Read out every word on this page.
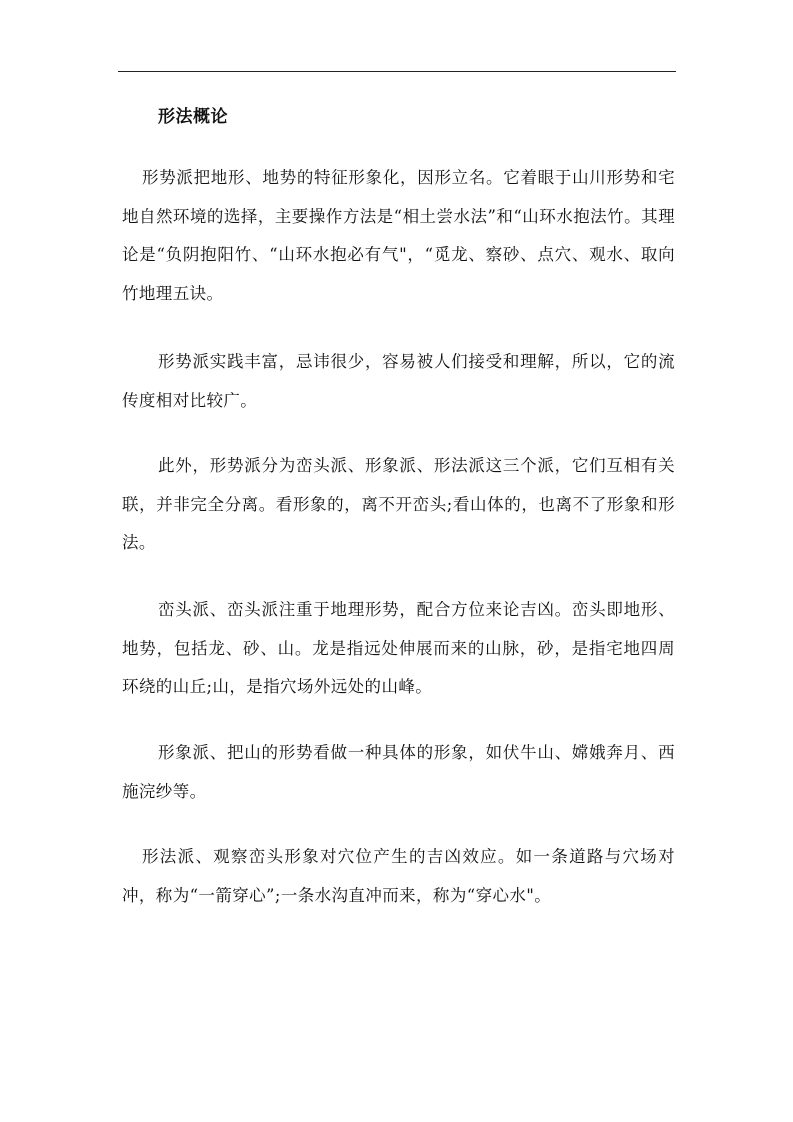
形法概论

形势派把地形、地势的特征形象化，因形立名。它着眼于山川形势和宅地自然环境的选择，主要操作方法是“相土尝水法”和“山环水抱法竹。其理论是“负阴抱阳竹、“山环水抱必有气"，“觅龙、察砂、点穴、观水、取向竹地理五诀。

形势派实践丰富，忌讳很少，容易被人们接受和理解，所以，它的流传度相对比较广。

此外，形势派分为峦头派、形象派、形法派这三个派，它们互相有关联，并非完全分离。看形象的，离不开峦头;看山体的，也离不了形象和形法。

峦头派、峦头派注重于地理形势，配合方位来论吉凶。峦头即地形、地势，包括龙、砂、山。龙是指远处伸展而来的山脉，砂，是指宅地四周环绕的山丘;山，是指穴场外远处的山峰。

形象派、把山的形势看做一种具体的形象，如伏牛山、嫦娥奔月、西施浣纱等。

形法派、观察峦头形象对穴位产生的吉凶效应。如一条道路与穴场对冲，称为“一箭穿心”;一条水沟直冲而来，称为“穿心水"。
